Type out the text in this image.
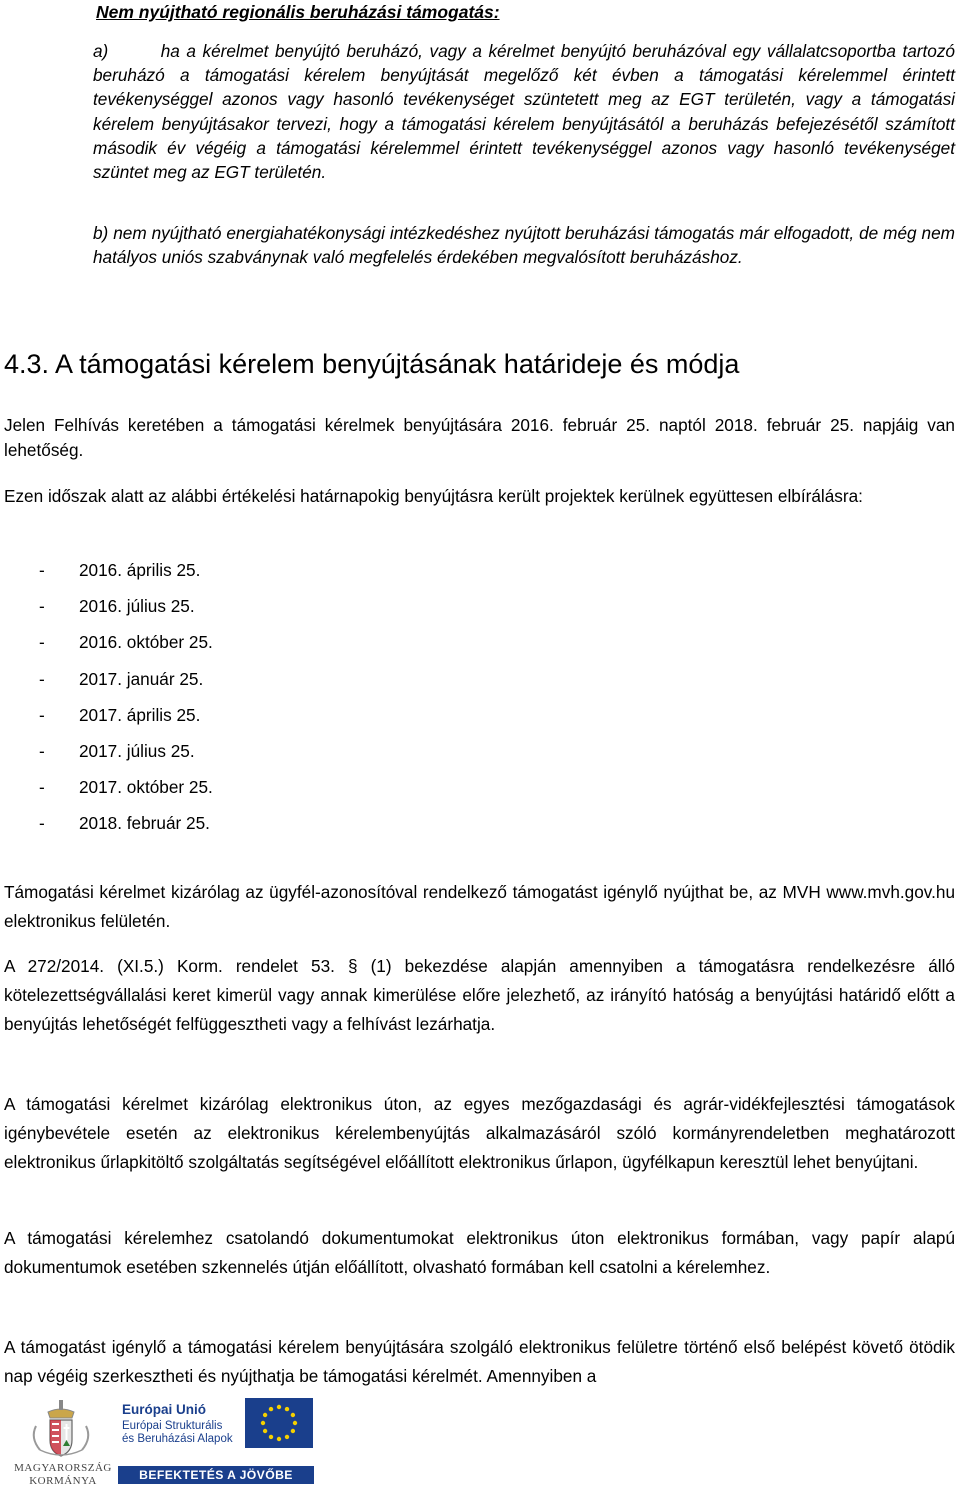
Nem nyújtható regionális beruházási támogatás:
a)        ha a kérelmet benyújtó beruházó, vagy a kérelmet benyújtó beruházóval egy vállalatcsoportba tartozó beruházó a támogatási kérelem benyújtását megelőző két évben a támogatási kérelemmel érintett tevékenységgel azonos vagy hasonló tevékenységet szüntetett meg az EGT területén, vagy a támogatási kérelem benyújtásakor tervezi, hogy a támogatási kérelem benyújtásától a beruházás befejezésétől számított második év végéig a támogatási kérelemmel érintett tevékenységgel azonos vagy hasonló tevékenységet szüntet meg az EGT területén.
b) nem nyújtható energiahatékonysági intézkedéshez nyújtott beruházási támogatás már elfogadott, de még nem hatályos uniós szabványnak való megfelelés érdekében megvalósított beruházáshoz.
4.3. A támogatási kérelem benyújtásának határideje és módja
Jelen Felhívás keretében a támogatási kérelmek benyújtására 2016. február 25. naptól 2018. február 25. napjáig van lehetőség.
Ezen időszak alatt az alábbi értékelési határnapokig benyújtásra került projektek kerülnek együttesen elbírálásra:
-	2016. április 25.
-	2016. július 25.
-	2016. október 25.
-	2017. január 25.
-	2017. április 25.
-	2017. július 25.
-	2017. október 25.
-	2018. február 25.
Támogatási kérelmet kizárólag az ügyfél-azonosítóval rendelkező támogatást igénylő nyújthat be, az MVH www.mvh.gov.hu elektronikus felületén.
A 272/2014. (XI.5.) Korm. rendelet 53. § (1) bekezdése alapján amennyiben a támogatásra rendelkezésre álló kötelezettségvállalási keret kimerül vagy annak kimerülése előre jelezhető, az irányító hatóság a benyújtási határidő előtt a benyújtás lehetőségét felfüggesztheti vagy a felhívást lezárhatja.
A támogatási kérelmet kizárólag elektronikus úton, az egyes mezőgazdasági és agrár-vidékfejlesztési támogatások igénybevétele esetén az elektronikus kérelembenyújtás alkalmazásáról szóló kormányrendeletben meghatározott elektronikus űrlapkitöltő szolgáltatás segítségével előállított elektronikus űrlapon, ügyfélkapun keresztül lehet benyújtani.
A támogatási kérelemhez csatolandó dokumentumokat elektronikus úton elektronikus formában, vagy papír alapú dokumentumok esetében szkennelés útján előállított, olvasható formában kell csatolni a kérelemhez.
A támogatást igénylő a támogatási kérelem benyújtására szolgáló elektronikus felületre történő első belépést követő ötödik nap végéig szerkesztheti és nyújthatja be támogatási kérelmét. Amennyiben a
MAGYARORSZÁG
KORMÁNYA
Európai Unió
Európai Strukturális
és Beruházási Alapok
BEFEKTETÉS A JÖVŐBE
